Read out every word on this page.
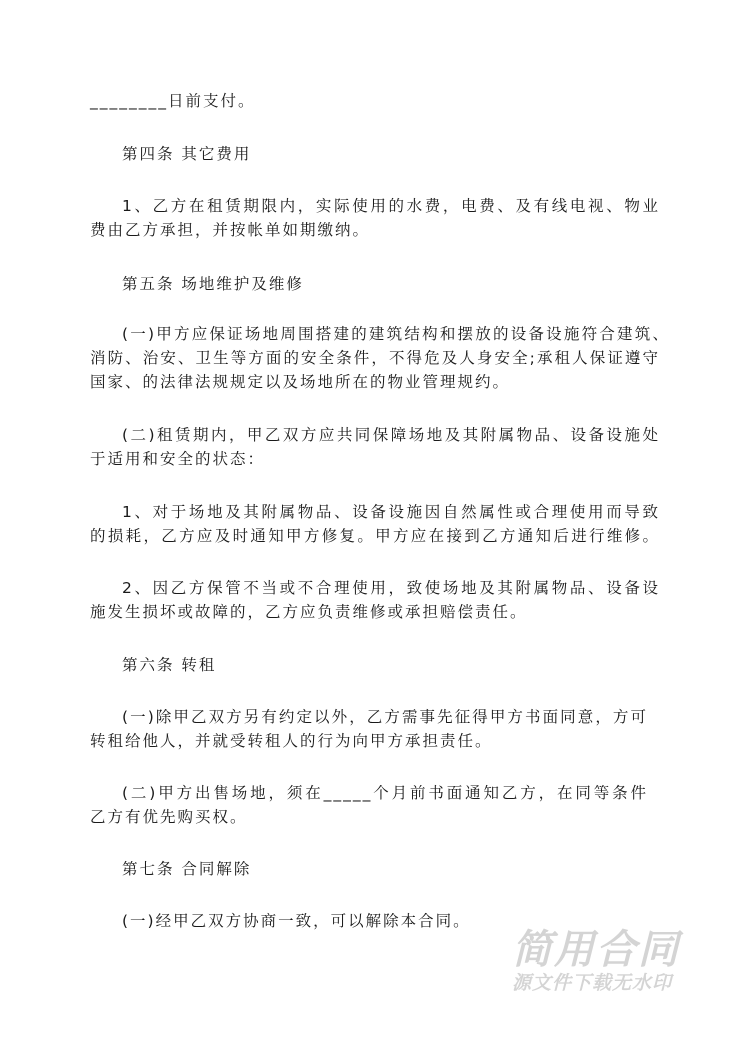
________日前支付。
第四条 其它费用
1、乙方在租赁期限内，实际使用的水费，电费、及有线电视、物业
费由乙方承担，并按帐单如期缴纳。
第五条 场地维护及维修
(一)甲方应保证场地周围搭建的建筑结构和摆放的设备设施符合建筑、
消防、治安、卫生等方面的安全条件，不得危及人身安全;承租人保证遵守
国家、的法律法规规定以及场地所在的物业管理规约。
(二)租赁期内，甲乙双方应共同保障场地及其附属物品、设备设施处
于适用和安全的状态：
1、对于场地及其附属物品、设备设施因自然属性或合理使用而导致
的损耗，乙方应及时通知甲方修复。甲方应在接到乙方通知后进行维修。
2、因乙方保管不当或不合理使用，致使场地及其附属物品、设备设
施发生损坏或故障的，乙方应负责维修或承担赔偿责任。
第六条 转租
(一)除甲乙双方另有约定以外，乙方需事先征得甲方书面同意，方可
转租给他人，并就受转租人的行为向甲方承担责任。
(二)甲方出售场地，须在_____个月前书面通知乙方，在同等条件
乙方有优先购买权。
第七条 合同解除
(一)经甲乙双方协商一致，可以解除本合同。
简用合同
源文件下载无水印
